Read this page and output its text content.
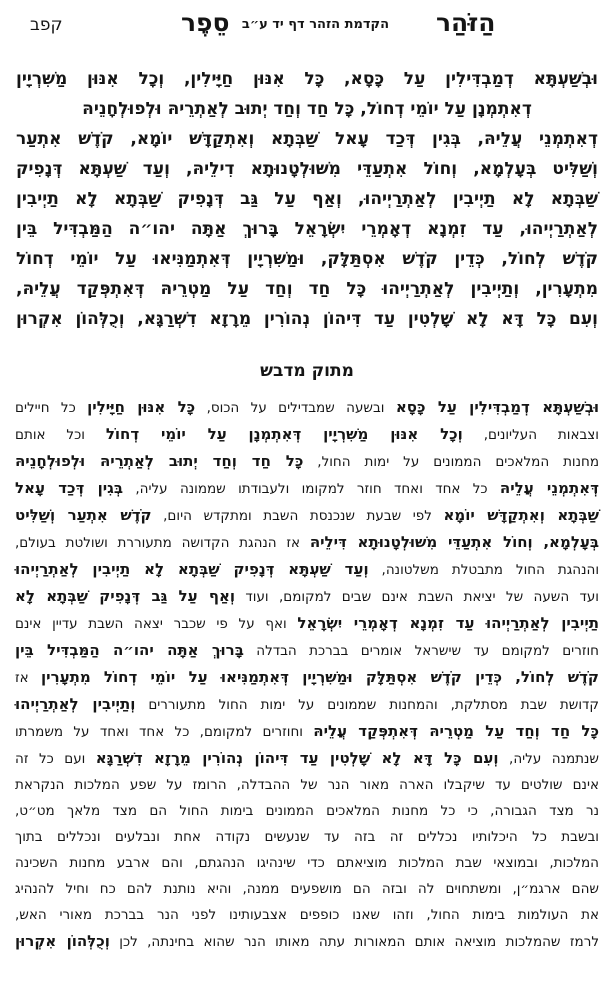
קפב	סֵפֶר הקדמת הזהר דף יד ע״ב	הַזֹּהַר
וּבְשַׁעְתָּא דְמַבְדִּילִין עַל כָּסָא, כָּל אִנּוּן חַיָּילִין, וְכָל אִנּוּן מַשִּׁרְיָין
דְאִתְמְנָן עַל יוֹמֵי דְחוֹל, כָּל חַד וְחַד יְתוּב לְאַתְרֵיהּ וּלְפוּלְחָנֵיהּ
דְאִתְמְנֵי עֲלֵיהּ, בְּגִין דְּכַד עָאל שַׁבְּתָא וְאִתְקַדָּשׁ יוֹמָא, קֹדֶשׁ אִתְעַר
וְשַׁלִּיט בְּעָלְמָא, וְחוֹל אִתְעַדֵּי מִשּׁוּלְטָנוּתָא דִילֵיהּ, וְעַד שַׁעְתָּא דְּנָפִיק
שַׁבְּתָא לָא תַיְיבִין לְאַתְרַיְיהוּ, וְאַף עַל גַּב דְּנָפִיק שַׁבְּתָא לָא תַיְיבִין
לְאַתְרַיְיהוּ, עַד זִמְנָא דְאָמְרֵי יִשְׂרָאֵל בָּרוּךְ אַתָּה יהו״ה הַמַּבְדִּיל בֵּין
קֹדֶשׁ לְחוֹל, כְּדֵין קֹדֶשׁ אִסְתַּלָּק, וּמַשִּׁרְיָין דְּאִתְמַנִּיאוּ עַל יוֹמֵי דְחוֹל
מִתְעָרִין, וְתַיְיבִין לְאַתְרַיְיהוּ כָּל חַד וְחַד עַל מַטְרֵיהּ דְּאִתְפְּקַד עֲלֵיהּ,
וְעִם כָּל דָּא לָא שָׁלְטִין עַד דִּיהוֹן נְהוֹרִין מֵרָזָא דִשְׁרַגָּא, וְכֻלְּהוֹן אִקְרוּן
מתוק מדבש
וּבְשַׁעְתָּא דְמַבְדִּילִין עַל כָּסָא ובשעה שמבדילים על הכוס, כָּל אִנּוּן חַיָּילִין כל חיילים
וצבאות העליונים, וְכָל אִנּוּן מַשִּׁרְיָין דְּאִתְמְנָן עַל יוֹמֵי דְחוֹל וכל אותם
מחנות המלאכים הממונים על ימות החול, כָּל חַד וְחַד יְתוּב לְאַתְרֵיהּ וּלְפוּלְחָנֵיהּ
דְּאִתְמְנֵי עֲלֵיהּ כל אחד ואחד חוזר למקומו ולעבודתו שממונה עליה, בְּגִין דְּכַד עָאל
שַׁבְּתָא וְאִתְקַדָּשׁ יוֹמָא לפי שבעת שנכנסת השבת ומתקדש היום, קֹדֶשׁ אִתְעַר וְשַׁלִּיט
בְּעָלְמָא, וְחוֹל אִתְעַדֵּי מִשּׁוּלְטָנוּתָא דִּילֵיהּ אז הנהגת הקדושה מתעוררת ושולטת בעולם,
והנהגת החול מתבטלת משלטונה, וְעַד שַׁעְתָּא דְּנָפִיק שַׁבְּתָא לָא תַיְיבִין לְאַתְרַיְיהוּ
ועד השעה של יציאת השבת אינם שבים למקומם, ועוד וְאַף עַל גַּב דְּנָפִיק שַׁבְּתָא לָא
תַיְיבִין לְאַתְרַיְיהוּ עַד זִמְנָא דְאָמְרֵי יִשְׂרָאֵל ואף על פי שכבר יצאה השבת עדיין אינם
חוזרים למקומם עד שישראל אומרים בברכת הבדלה בָּרוּךְ אַתָּה יהו״ה הַמַּבְדִּיל בֵּין
קֹדֶשׁ לְחוֹל, כְּדֵין קֹדֶשׁ אִסְתַּלָּק וּמַשִּׁרְיָין דְּאִתְמַנִּיאוּ עַל יוֹמֵי דְחוֹל מִתְעָרִין אז
קדושת שבת מסתלקת, והמחנות שממונים על ימות החול מתעוררים וְתַיְיבִין לְאַתְרַיְיהוּ
כָּל חַד וְחַד עַל מַטְרֵיהּ דְּאִתְפְּקַד עֲלֵיהּ וחוזרים למקומם, כל אחד ואחד על משמרתו
שנתמנה עליה, וְעִם כָּל דָּא לָא שָׁלְטִין עַד דִּיהוֹן נְהוֹרִין מֵרָזָא דִשְׁרַגָּא ועם כל זה
אינם שולטים עד שיקבלו הארה מאור הנר של ההבדלה, הרומז על שפע המלכות הנקראת
נר מצד הגבורה, כי כל מחנות המלאכים הממונים בימות החול הם מצד מלאך מט״ט,
ובשבת כל היכלותיו נכללים זה בזה עד שנעשים נקודה אחת ונבלעים ונכללים בתוך
המלכות, ובמוצאי שבת המלכות מוציאתם כדי שינהיגו הנהגתם, והם ארבע מחנות השכינה
שהם ארגמ״ן, ומשתחוים לה ובזה הם מושפעים ממנה, והיא נותנת להם כח וחיל להנהיג
את העולמות בימות החול, וזהו שאנו כופפים אצבעותינו לפני הנר בברכת מאורי האש,
לרמז שהמלכות מוציאה אותם המאורות עתה מאותו הנר שהוא בחינתה, לכן וְכֻלְּהוֹן אִקְרוּן
